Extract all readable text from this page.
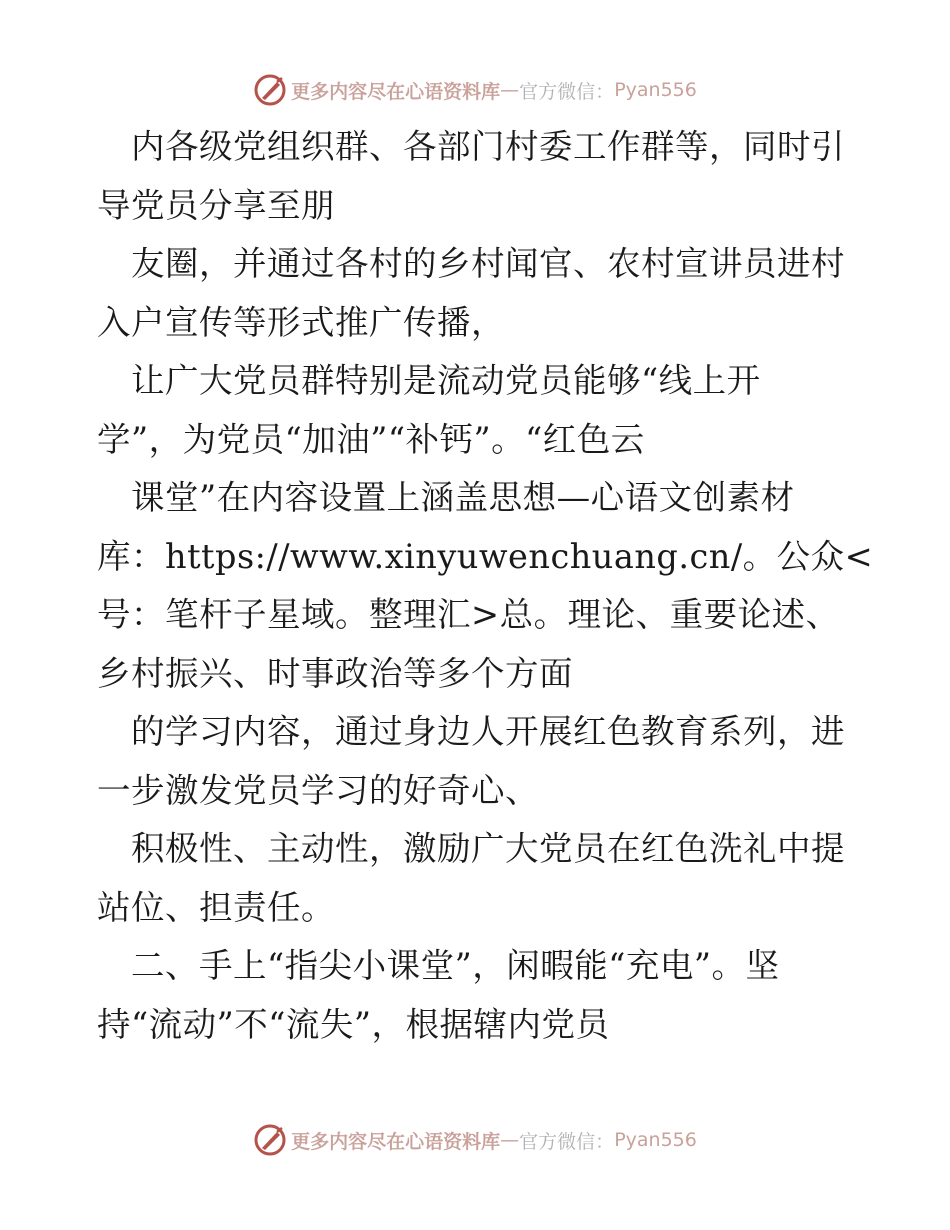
更多内容尽在心语资料库 — 官方微信： Pyan556
　内各级党组织群、各部门村委工作群等，同时引
导党员分享至朋
　友圈，并通过各村的乡村闻官、农村宣讲员进村
入户宣传等形式推广传播，
　让广大党员群特别是流动党员能够“线上开
学”，为党员“加油”“补钙”。“红色云
　课堂”在内容设置上涵盖思想—心语文创素材
库：https://www.xinyuwenchuang.cn/。公众<
号：笔杆子星域。整理汇>总。理论、重要论述、
乡村振兴、时事政治等多个方面
　的学习内容，通过身边人开展红色教育系列，进
一步激发党员学习的好奇心、
　积极性、主动性，激励广大党员在红色洗礼中提
站位、担责任。
　二、手上“指尖小课堂”，闲暇能“充电”。坚
持“流动”不“流失”，根据辖内党员
更多内容尽在心语资料库 — 官方微信： Pyan556
